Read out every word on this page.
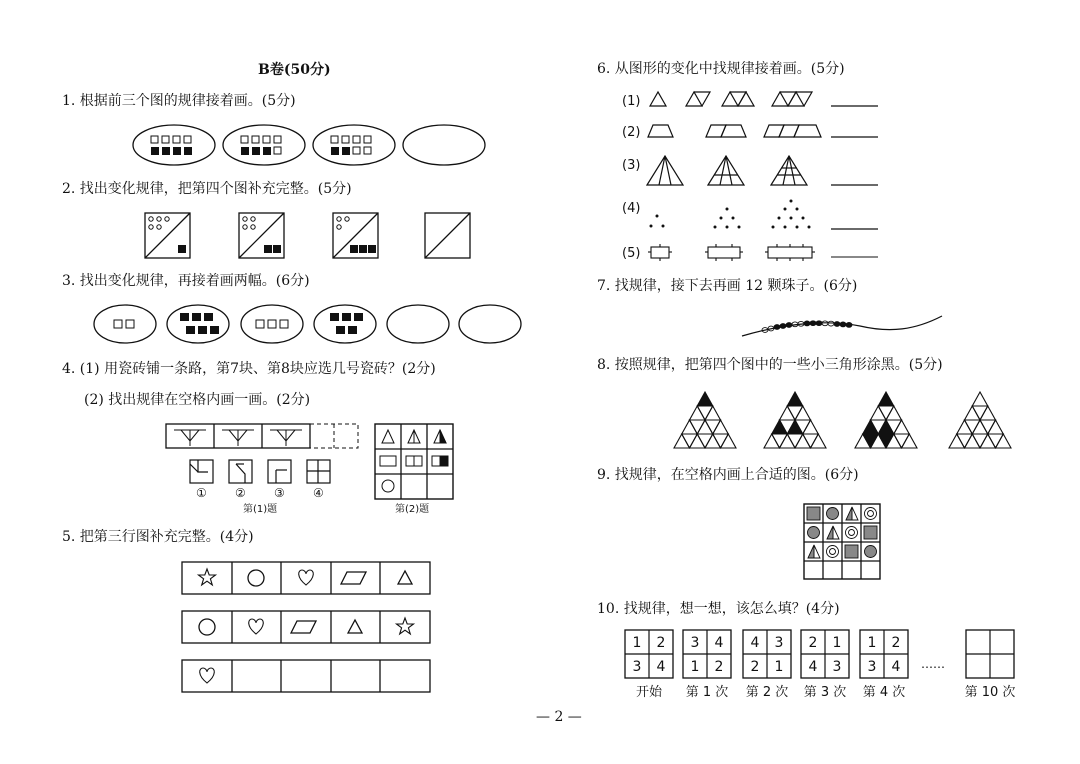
B卷(50分)
1. 根据前三个图的规律接着画。(5分)
2. 找出变化规律，把第四个图补充完整。(5分)
3. 找出变化规律，再接着画两幅。(6分)
4. (1) 用瓷砖铺一条路，第7块、第8块应选几号瓷砖？(2分)
(2) 找出规律在空格内画一画。(2分)
5. 把第三行图补充完整。(4分)
6. 从图形的变化中找规律接着画。(5分)
7. 找规律，接下去再画 12 颗珠子。(6分)
8. 按照规律，把第四个图中的一些小三角形涂黑。(5分)
9. 找规律，在空格内画上合适的图。(6分)
10. 找规律，想一想，该怎么填？(4分)
— 2 —
① ② ③ ④
第(1)题	第(2)题
(1)
(2)
(3)
(4)
(5)
1 2
3 4
开始
3 4
1 2
第 1 次
4 3
2 1
第 2 次
2 1
4 3
第 3 次
1 2
3 4
第 4 次	第 10 次
……
